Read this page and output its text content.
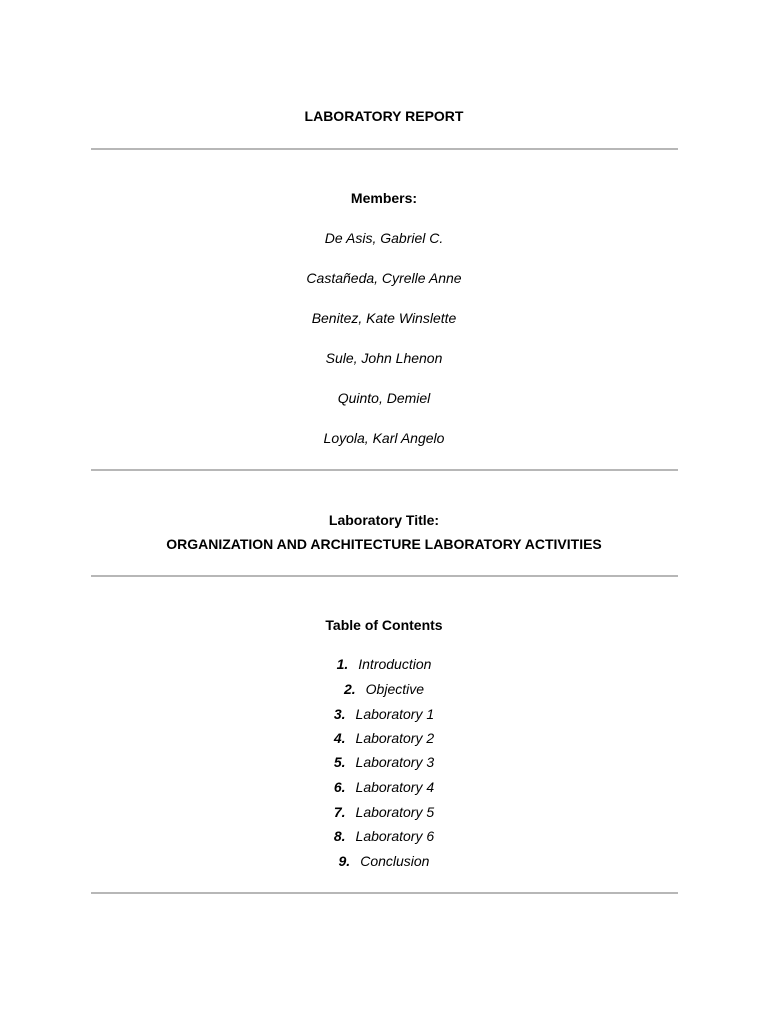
LABORATORY REPORT
Members:
De Asis, Gabriel C.
Castañeda, Cyrelle Anne
Benitez, Kate Winslette
Sule, John Lhenon
Quinto, Demiel
Loyola, Karl Angelo
Laboratory Title:
ORGANIZATION AND ARCHITECTURE LABORATORY ACTIVITIES
Table of Contents
1. Introduction
2. Objective
3. Laboratory 1
4. Laboratory 2
5. Laboratory 3
6. Laboratory 4
7. Laboratory 5
8. Laboratory 6
9. Conclusion
